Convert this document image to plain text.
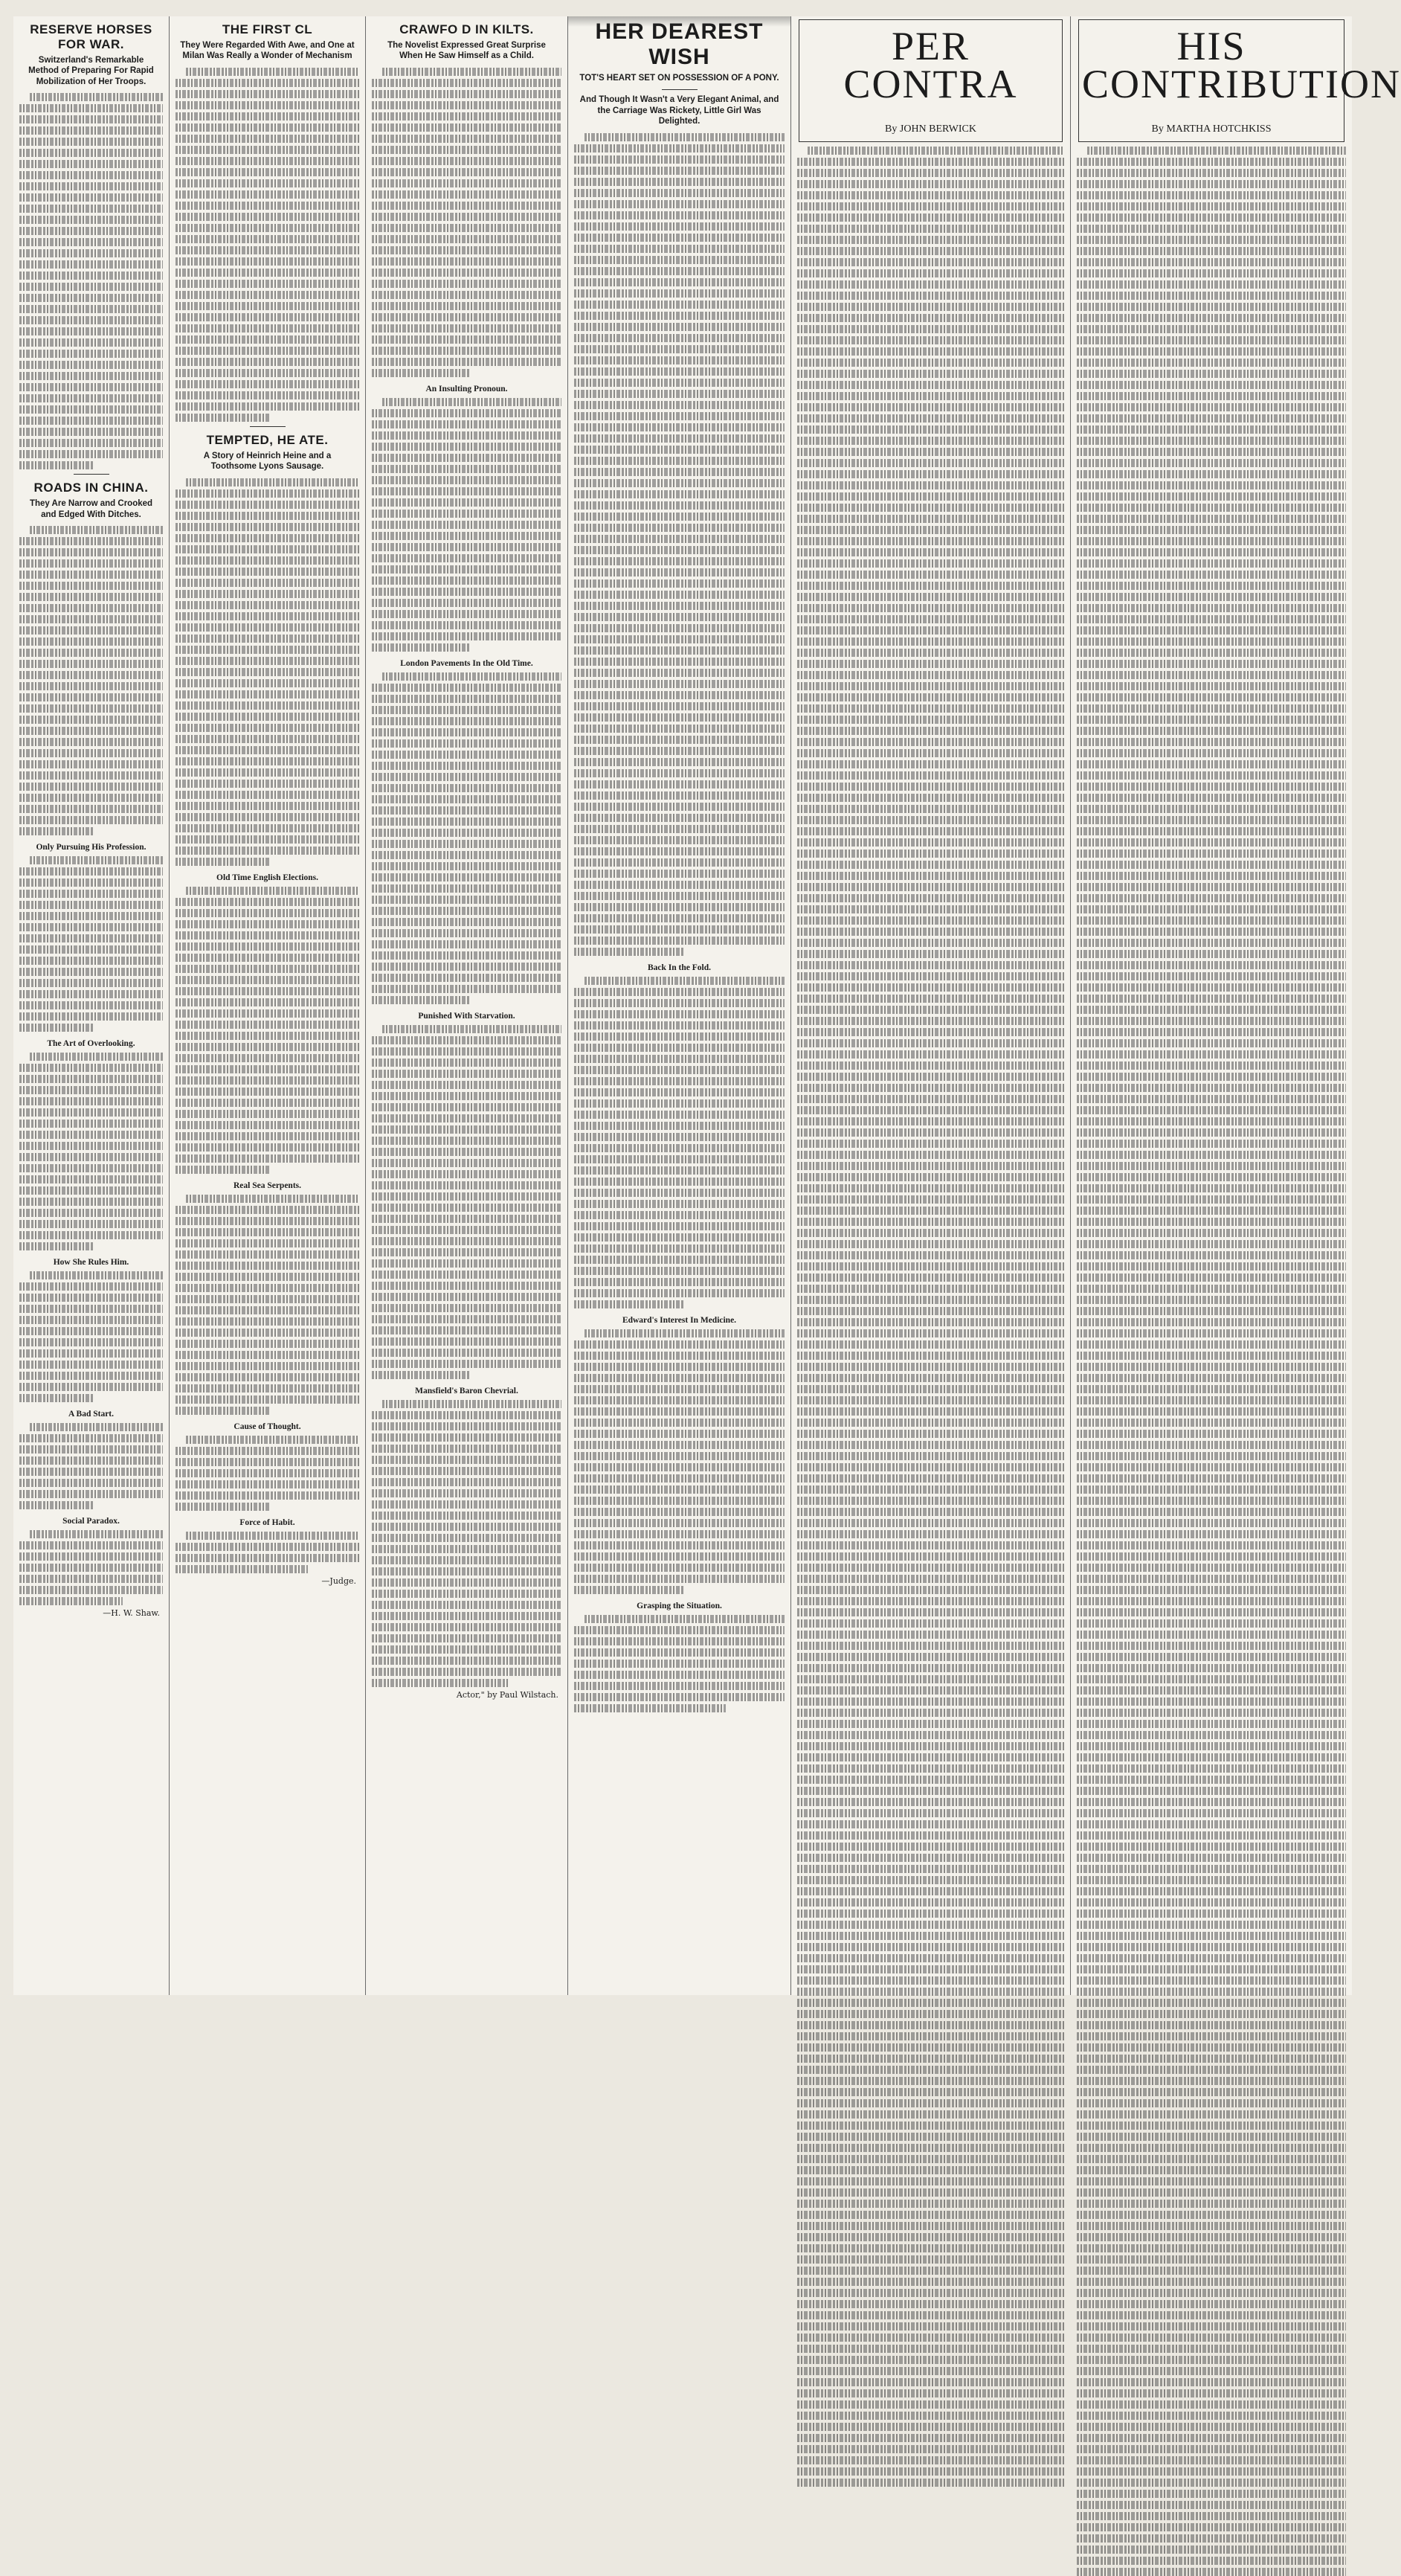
RESERVE HORSES FOR WAR.
Switzerland's Remarkable Method of Preparing For Rapid Mobilization of Her Troops.
ROADS IN CHINA.
They Are Narrow and Crooked and Edged With Ditches.
Only Pursuing His Profession.
The Art of Overlooking.
How She Rules Him.
A Bad Start.
Social Paradox.
—H. W. Shaw.
THE FIRST CL
They Were Regarded With Awe, and One at Milan Was Really a Wonder of Mechanism
TEMPTED, HE ATE.
A Story of Heinrich Heine and a Toothsome Lyons Sausage.
Old Time English Elections.
Real Sea Serpents.
Cause of Thought.
Force of Habit.
—Judge.
CRAWFO D IN KILTS.
The Novelist Expressed Great Surprise When He Saw Himself as a Child.
An Insulting Pronoun.
London Pavements In the Old Time.
Punished With Starvation.
Mansfield's Baron Chevrial.
Actor," by Paul Wilstach.
HER DEAREST WISH
TOT'S HEART SET ON POSSESSION OF A PONY.
And Though It Wasn't a Very Elegant Animal, and the Carriage Was Rickety, Little Girl Was Delighted.
Back In the Fold.
Edward's Interest In Medicine.
Grasping the Situation.
PER CONTRA
By JOHN BERWICK
HIS CONTRIBUTION
By MARTHA HOTCHKISS
